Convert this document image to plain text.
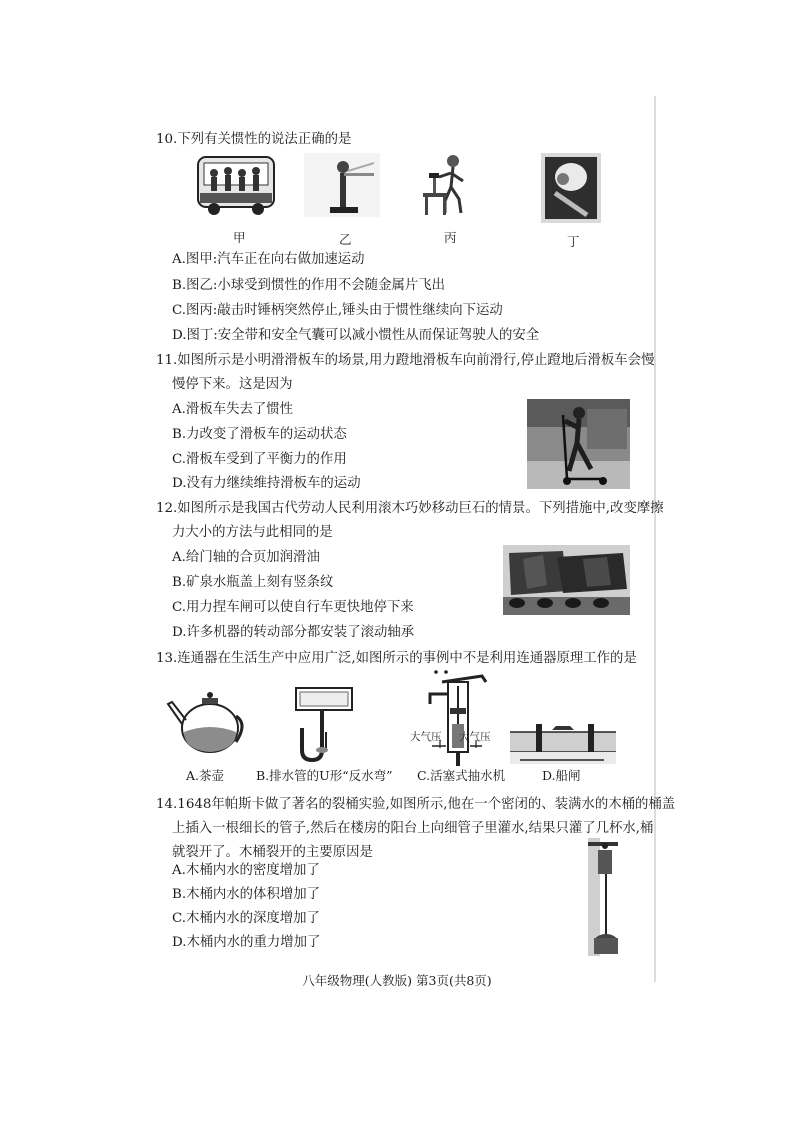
10.下列有关惯性的说法正确的是
甲	乙	丙	丁
A.图甲:汽车正在向右做加速运动
B.图乙:小球受到惯性的作用不会随金属片飞出
C.图丙:敲击时锤柄突然停止,锤头由于惯性继续向下运动
D.图丁:安全带和安全气囊可以减小惯性从而保证驾驶人的安全
11.如图所示是小明滑滑板车的场景,用力蹬地滑板车向前滑行,停止蹬地后滑板车会慢
慢停下来。这是因为
A.滑板车失去了惯性
B.力改变了滑板车的运动状态
C.滑板车受到了平衡力的作用
D.没有力继续维持滑板车的运动
12.如图所示是我国古代劳动人民利用滚木巧妙移动巨石的情景。下列措施中,改变摩擦
力大小的方法与此相同的是
A.给门轴的合页加润滑油
B.矿泉水瓶盖上刻有竖条纹
C.用力捏车闸可以使自行车更快地停下来
D.许多机器的转动部分都安装了滚动轴承
13.连通器在生活生产中应用广泛,如图所示的事例中不是利用连通器原理工作的是
大气压 大气压
A.茶壶	B.排水管的U形“反水弯” C.活塞式抽水机	D.船闸
14.1648年帕斯卡做了著名的裂桶实验,如图所示,他在一个密闭的、装满水的木桶的桶盖
上插入一根细长的管子,然后在楼房的阳台上向细管子里灌水,结果只灌了几杯水,桶
就裂开了。木桶裂开的主要原因是
A.木桶内水的密度增加了
B.木桶内水的体积增加了
C.木桶内水的深度增加了
D.木桶内水的重力增加了
八年级物理(人教版) 第3页(共8页)
